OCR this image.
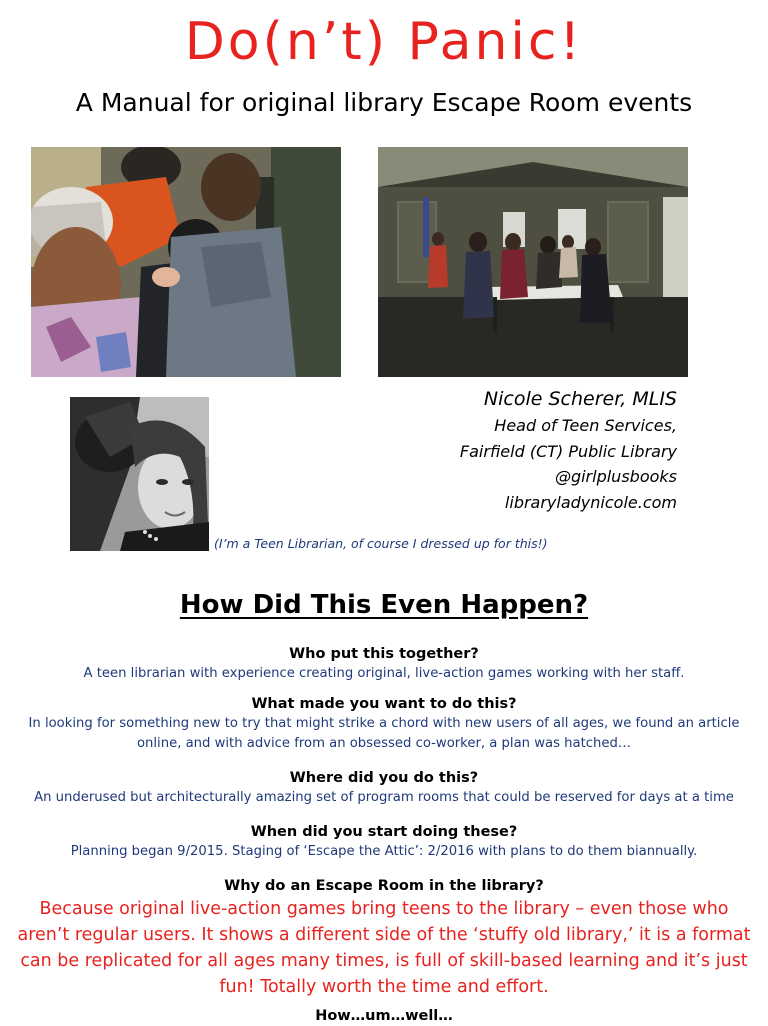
Do(n’t) Panic!
A Manual for original library Escape Room events
Nicole Scherer, MLIS
Head of Teen Services,
Fairfield (CT) Public Library
@girlplusbooks
libraryladynicole.com
(I’m a Teen Librarian, of course I dressed up for this!)
How Did This Even Happen?
Who put this together?
A teen librarian with experience creating original, live-action games working with her staff.
What made you want to do this?
In looking for something new to try that might strike a chord with new users of all ages, we found an article online, and with advice from an obsessed co-worker, a plan was hatched…
Where did you do this?
An underused but architecturally amazing set of program rooms that could be reserved for days at a time
When did you start doing these?
Planning began 9/2015. Staging of ‘Escape the Attic’: 2/2016 with plans to do them biannually.
Why do an Escape Room in the library?
Because original live-action games bring teens to the library – even those who aren’t regular users. It shows a different side of the ‘stuffy old library,’ it is a format can be replicated for all ages many times, is full of skill-based learning and it’s just fun! Totally worth the time and effort.
How…um…well…
